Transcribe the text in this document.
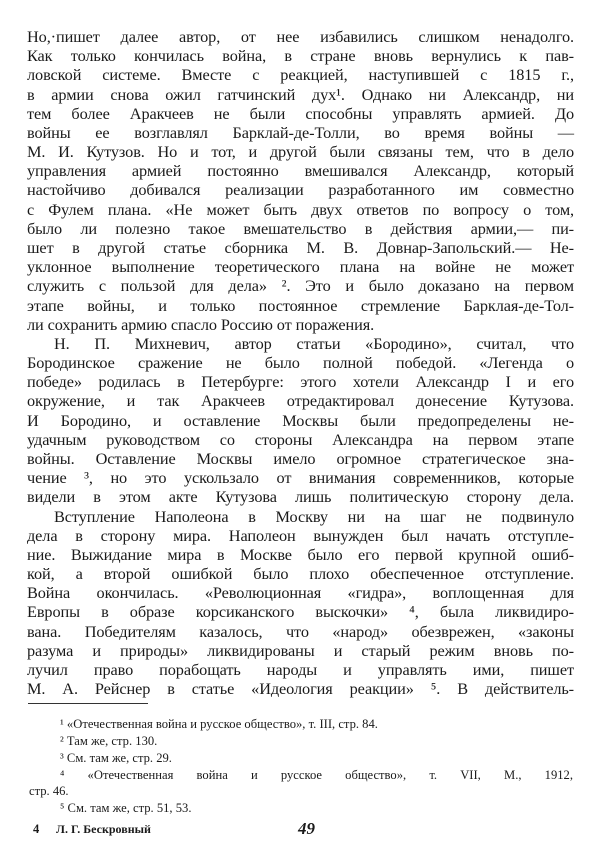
Но,·пишет далее автор, от нее избавились слишком ненадолго.
Как только кончилась война, в стране вновь вернулись к пав-
ловской системе. Вместе с реакцией, наступившей с 1815 г.,
в армии снова ожил гатчинский дух¹. Однако ни Александр, ни
тем более Аракчеев не были способны управлять армией. До
войны ее возглавлял Барклай-де-Толли, во время войны —
М. И. Кутузов. Но и тот, и другой были связаны тем, что в дело
управления армией постоянно вмешивался Александр, который
настойчиво добивался реализации разработанного им совместно
с Фулем плана. «Не может быть двух ответов по вопросу о том,
было ли полезно такое вмешательство в действия армии,— пи-
шет в другой статье сборника М. В. Довнар-Запольский.— Не-
уклонное выполнение теоретического плана на войне не может
служить с пользой для дела» ². Это и было доказано на первом
этапе войны, и только постоянное стремление Барклая-де-Тол-
ли сохранить армию спасло Россию от поражения.
Н. П. Михневич, автор статьи «Бородино», считал, что
Бородинское сражение не было полной победой. «Легенда о
победе» родилась в Петербурге: этого хотели Александр I и его
окружение, и так Аракчеев отредактировал донесение Кутузова.
И Бородино, и оставление Москвы были предопределены не-
удачным руководством со стороны Александра на первом этапе
войны. Оставление Москвы имело огромное стратегическое зна-
чение ³, но это ускользало от внимания современников, которые
видели в этом акте Кутузова лишь политическую сторону дела.
Вступление Наполеона в Москву ни на шаг не подвинуло
дела в сторону мира. Наполеон вынужден был начать отступле-
ние. Выжидание мира в Москве было его первой крупной ошиб-
кой, а второй ошибкой было плохо обеспеченное отступление.
Война окончилась. «Революционная «гидра», воплощенная для
Европы в образе корсиканского выскочки» ⁴, была ликвидиро-
вана. Победителям казалось, что «народ» обезврежен, «законы
разума и природы» ликвидированы и старый режим вновь по-
лучил право порабощать народы и управлять ими, пишет
М. А. Рейснер в статье «Идеология реакции» ⁵. В действитель-
¹ «Отечественная война и русское общество», т. III, стр. 84.
² Там же, стр. 130.
³ См. там же, стр. 29.
⁴ «Отечественная война и русское общество», т. VII, М., 1912,
стр. 46.
⁵ См. там же, стр. 51, 53.
4 Л. Г. Бескровный	49
